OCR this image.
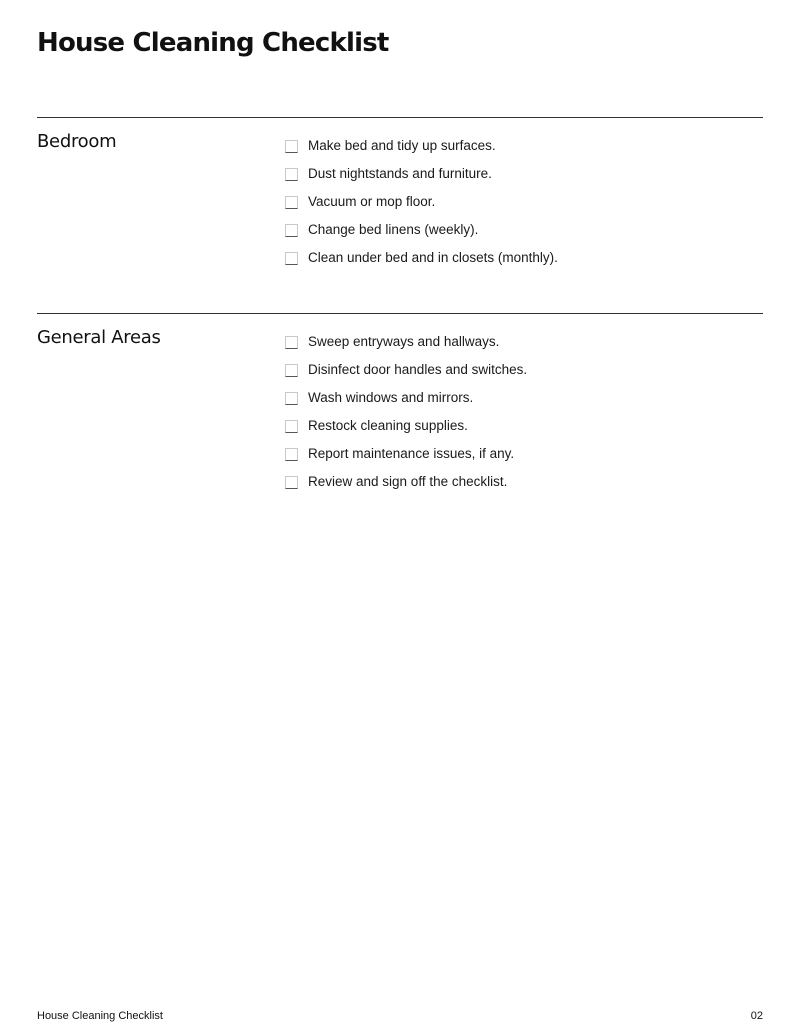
House Cleaning Checklist
Bedroom	Make bed and tidy up surfaces.
Dust nightstands and furniture.
Vacuum or mop floor.
Change bed linens (weekly).
Clean under bed and in closets (monthly).
General Areas	Sweep entryways and hallways.
Disinfect door handles and switches.
Wash windows and mirrors.
Restock cleaning supplies.
Report maintenance issues, if any.
Review and sign off the checklist.
House Cleaning Checklist	02
